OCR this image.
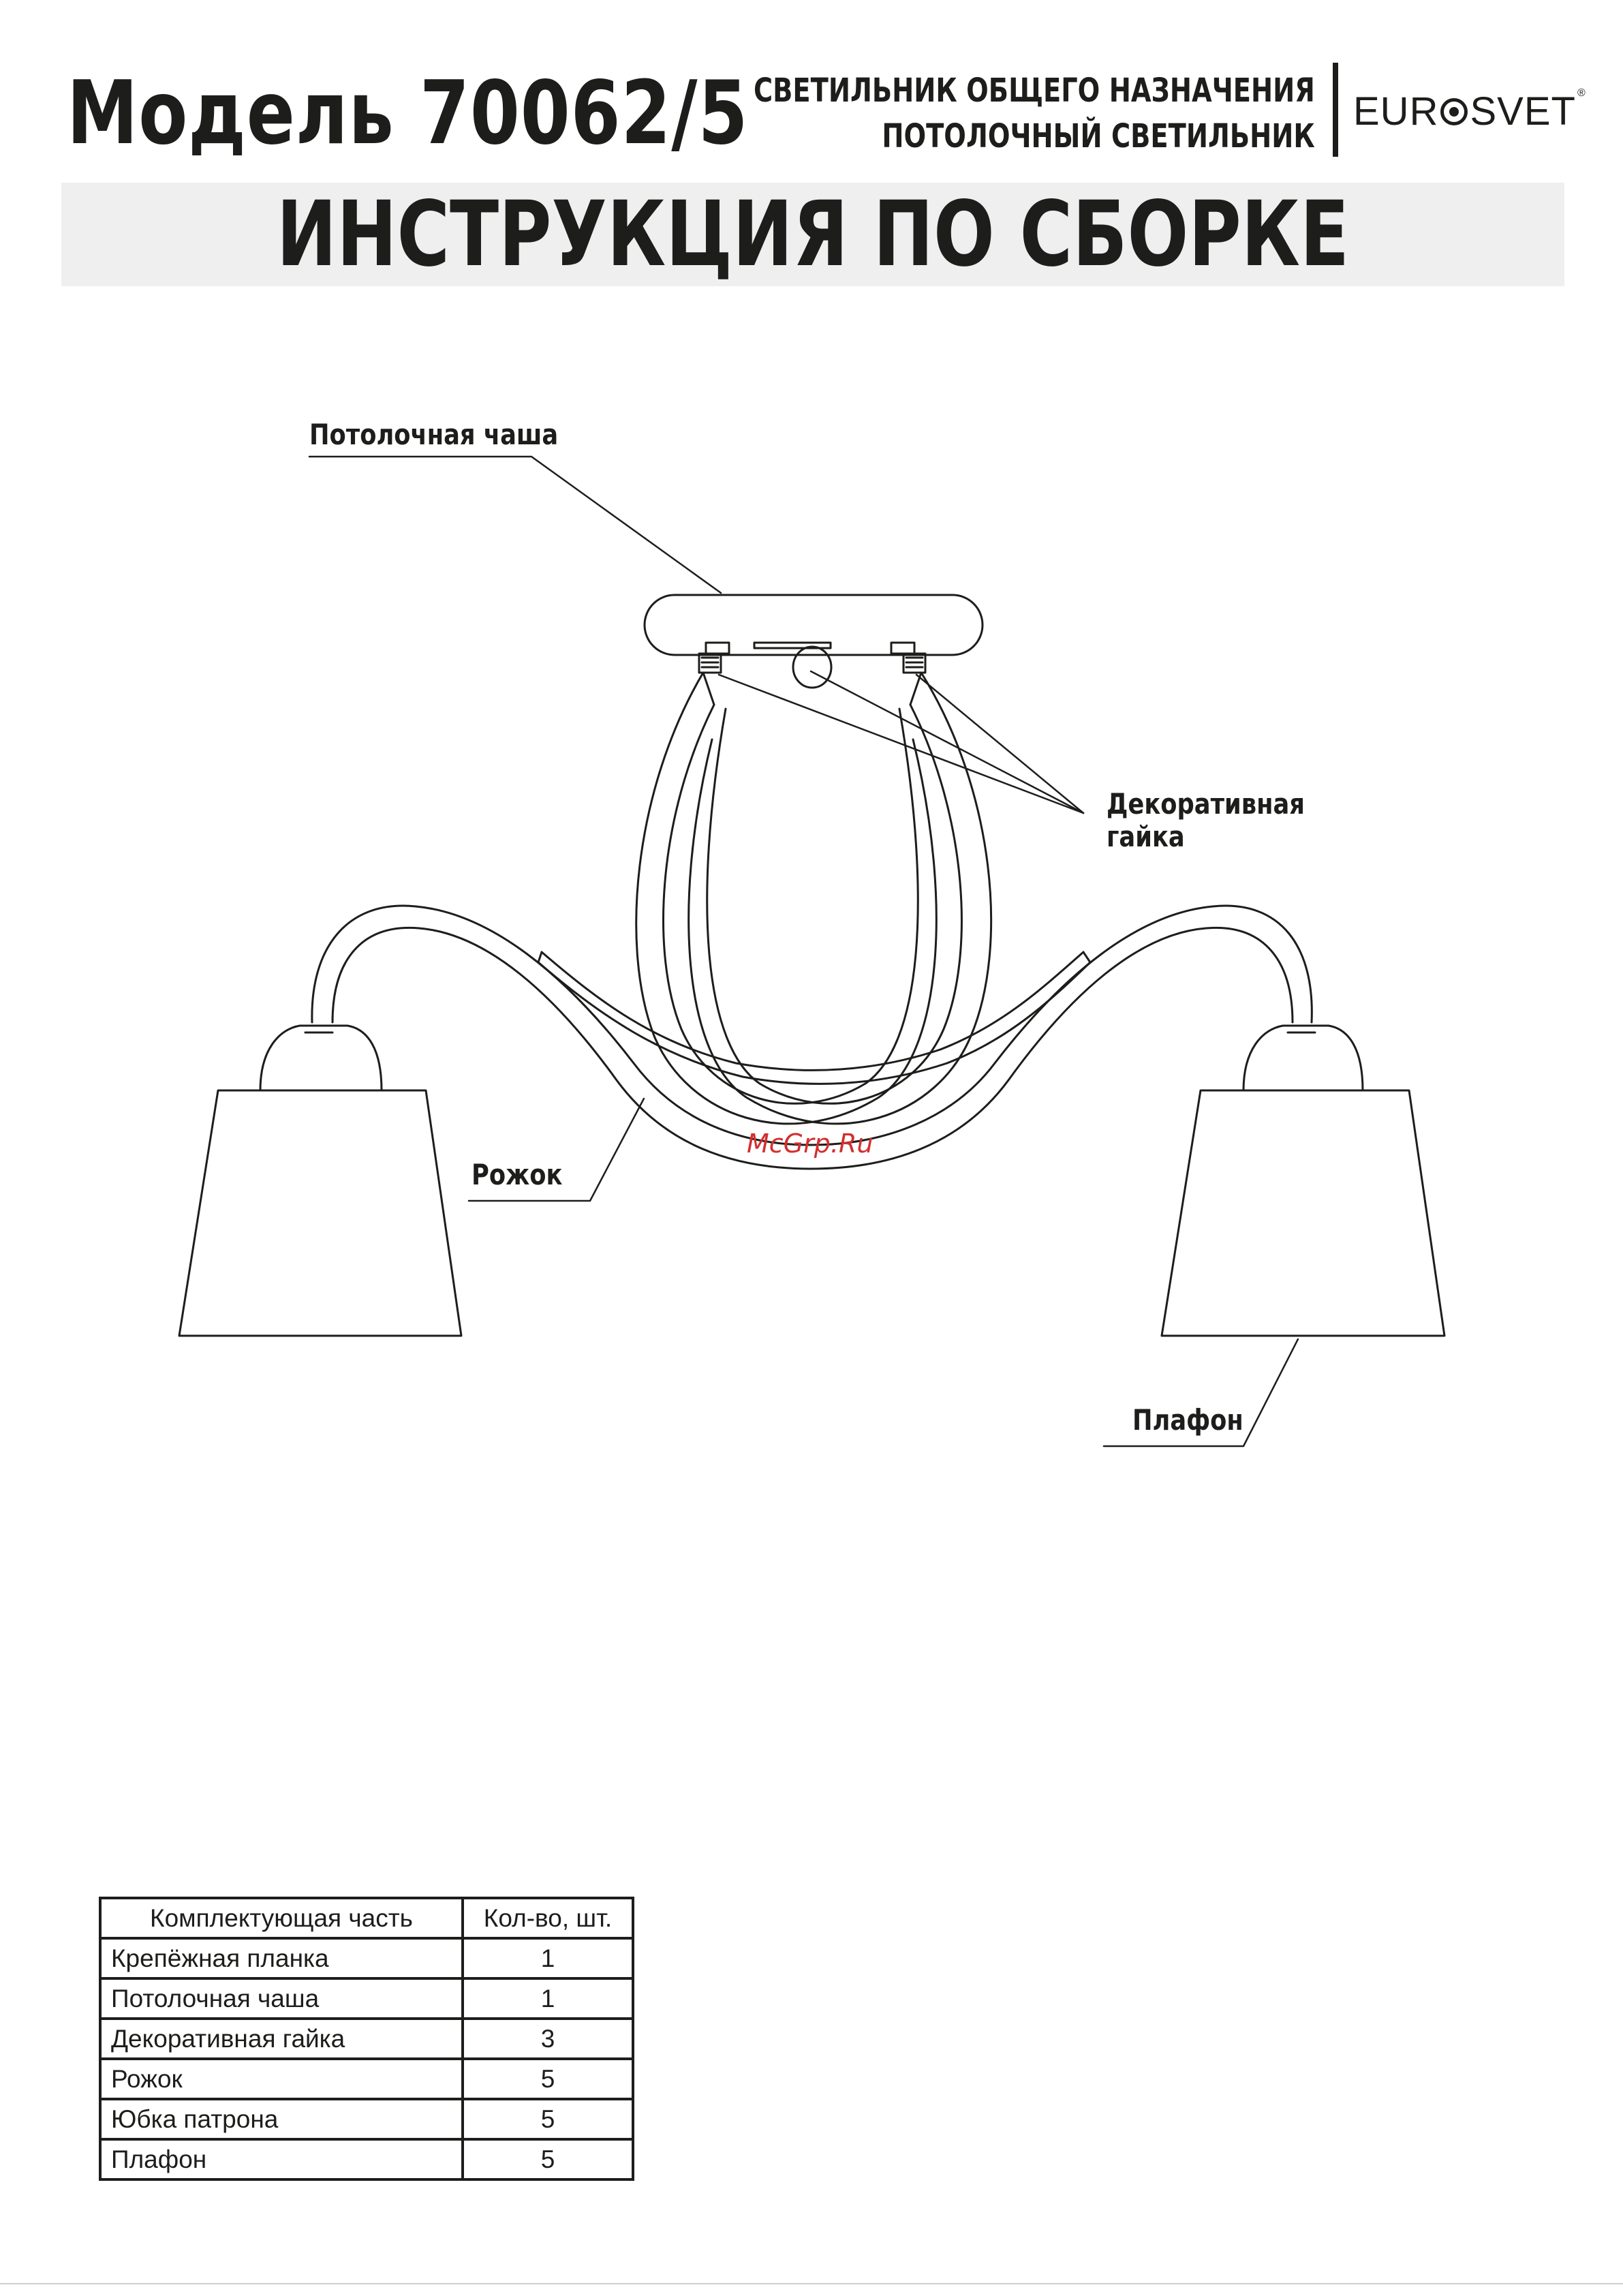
Модель 70062/5 СВЕТИЛЬНИК ОБЩЕГО НАЗНАЧЕНИЯ
ПОТОЛОЧНЫЙ СВЕТИЛЬНИК
EUR SVET ®
ИНСТРУКЦИЯ ПО СБОРКЕ
Потолочная чаша
Декоративная
гайка
Рожок
Плафон
McGrp.Ru
Комплектующая часть	Кол-во, шт.
Крепёжная планка	1
Потолочная чаша	1
Декоративная гайка	3
Рожок	5
Юбка патрона	5
Плафон	5
